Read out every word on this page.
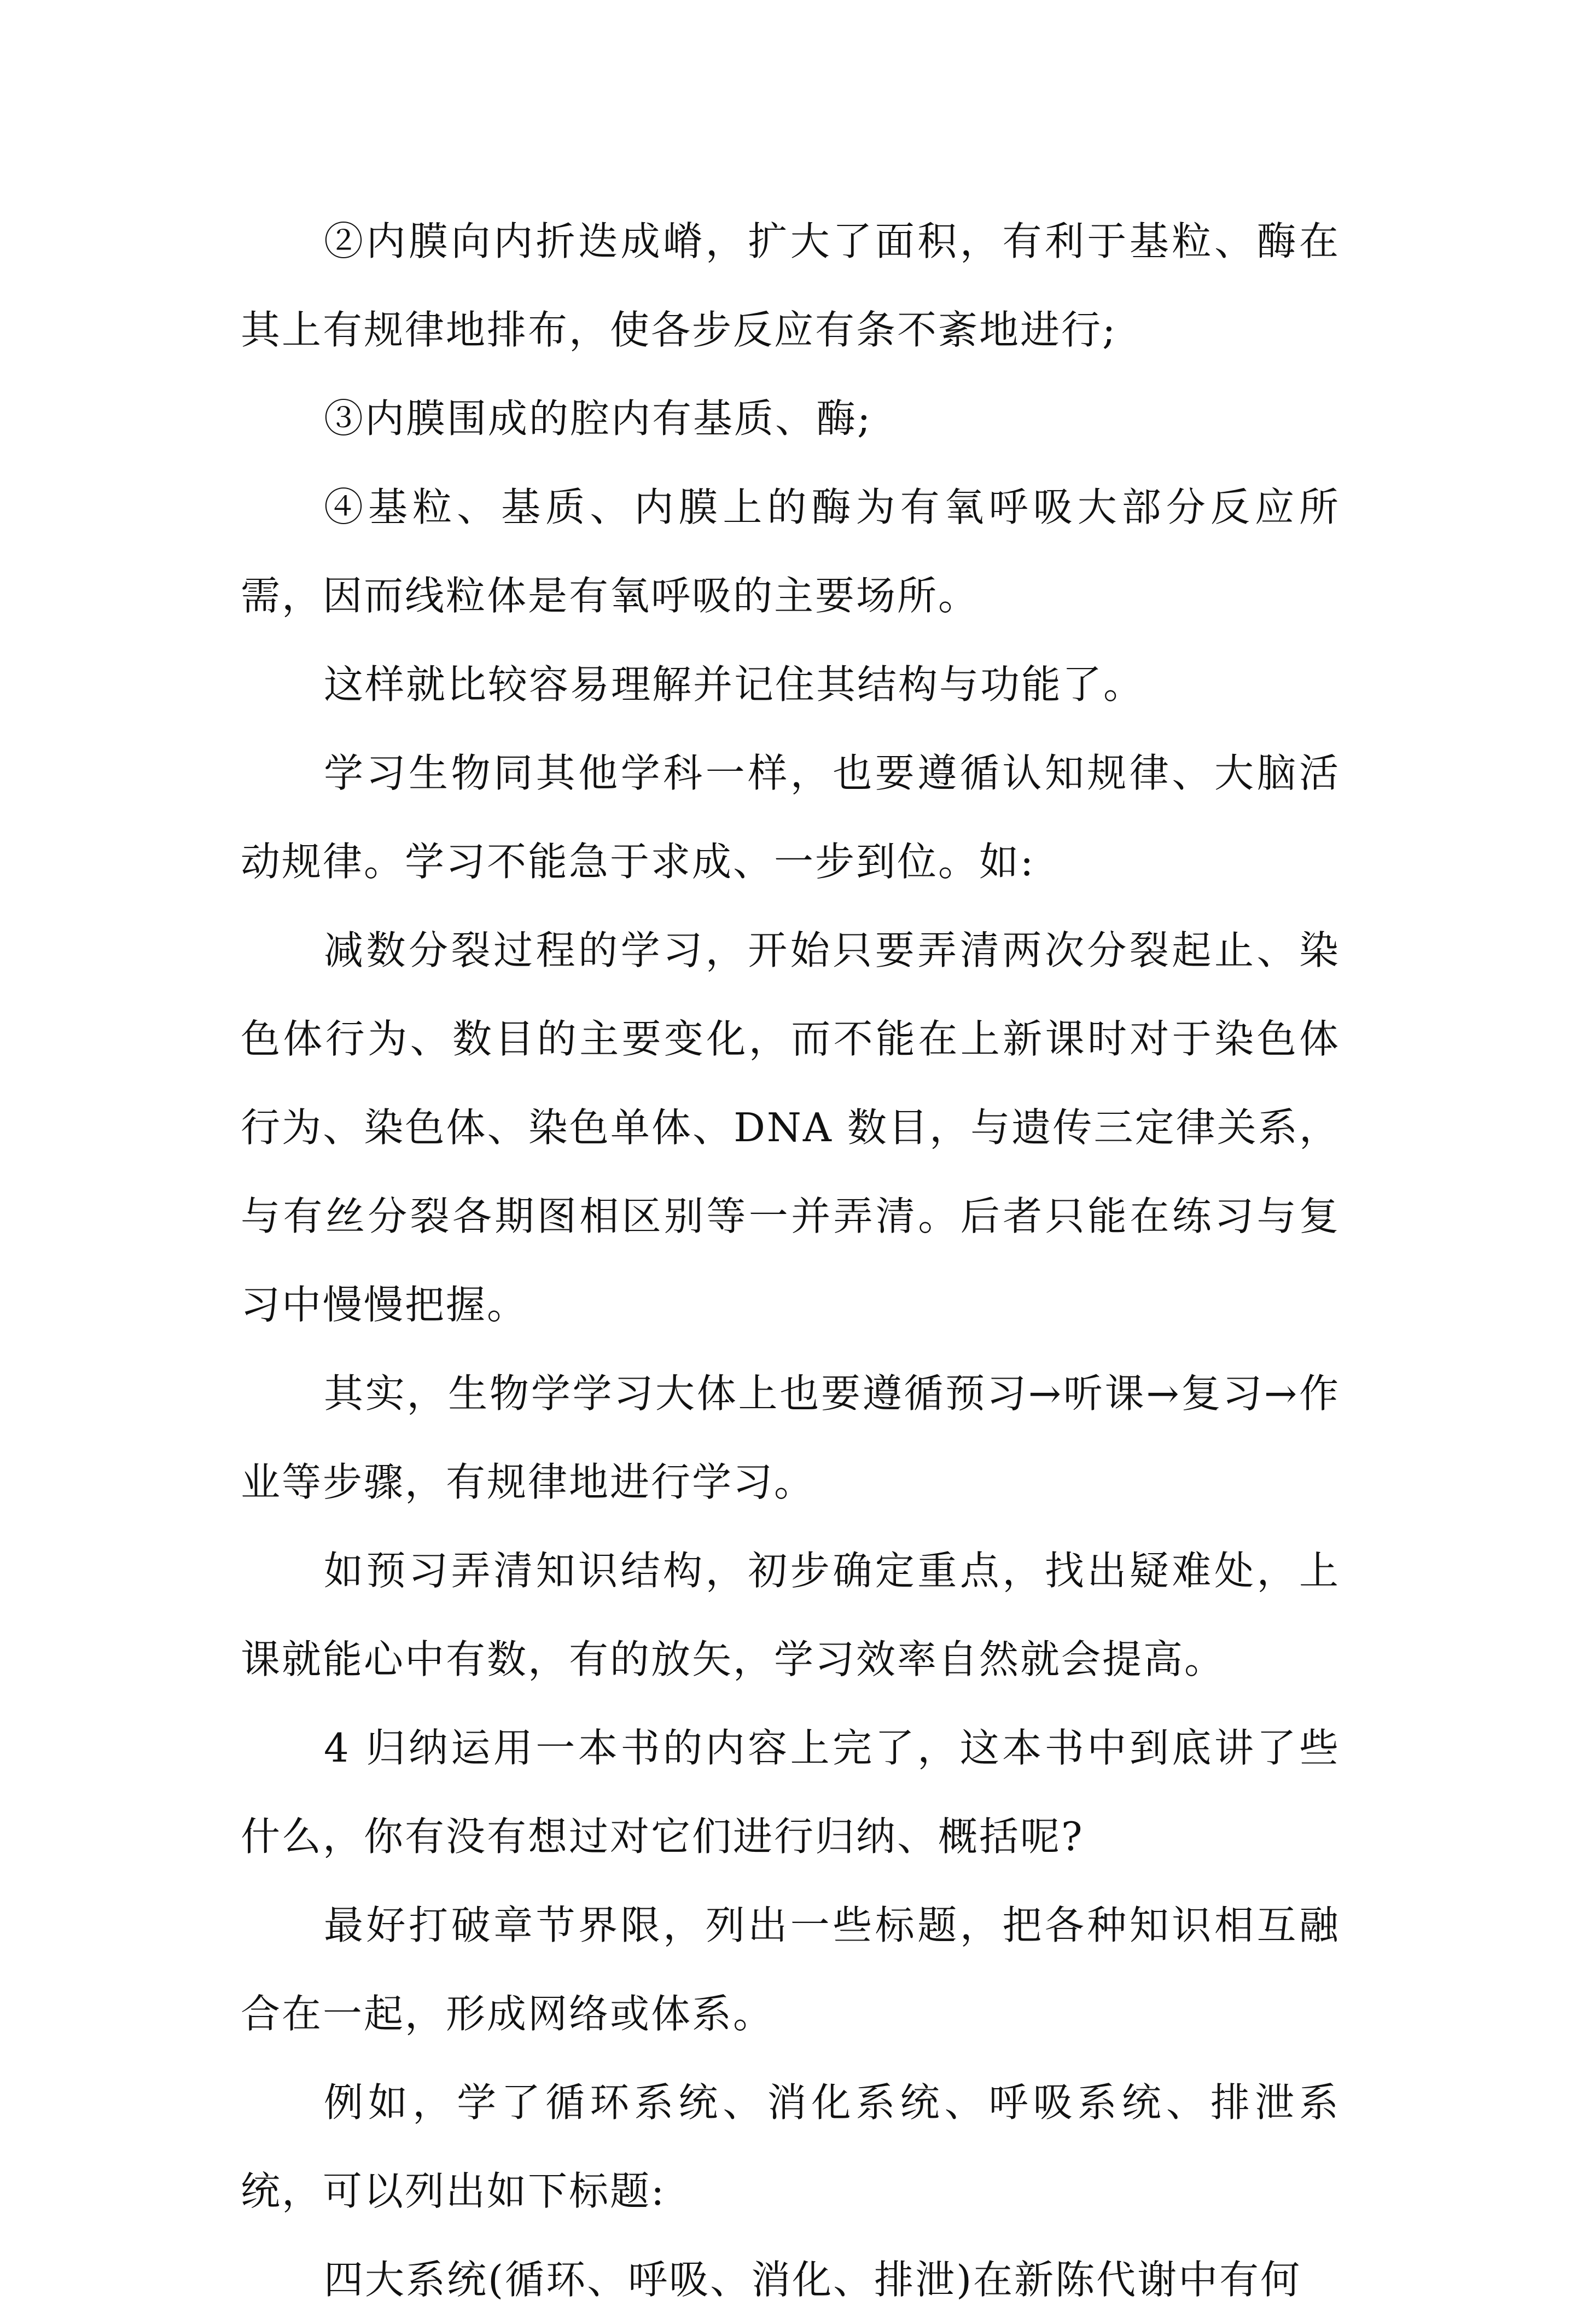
②内膜向内折迭成嵴，扩大了面积，有利于基粒、酶在其上有规律地排布，使各步反应有条不紊地进行;

③内膜围成的腔内有基质、酶;

④基粒、基质、内膜上的酶为有氧呼吸大部分反应所需，因而线粒体是有氧呼吸的主要场所。

这样就比较容易理解并记住其结构与功能了。

学习生物同其他学科一样，也要遵循认知规律、大脑活动规律。学习不能急于求成、一步到位。如:

减数分裂过程的学习，开始只要弄清两次分裂起止、染色体行为、数目的主要变化，而不能在上新课时对于染色体行为、染色体、染色单体、DNA 数目，与遗传三定律关系，与有丝分裂各期图相区别等一并弄清。后者只能在练习与复习中慢慢把握。

其实，生物学学习大体上也要遵循预习→听课→复习→作业等步骤，有规律地进行学习。

如预习弄清知识结构，初步确定重点，找出疑难处，上课就能心中有数，有的放矢，学习效率自然就会提高。

4 归纳运用一本书的内容上完了，这本书中到底讲了些什么，你有没有想过对它们进行归纳、概括呢?

最好打破章节界限，列出一些标题，把各种知识相互融合在一起，形成网络或体系。

例如，学了循环系统、消化系统、呼吸系统、排泄系统，可以列出如下标题:

四大系统(循环、呼吸、消化、排泄)在新陈代谢中有何
